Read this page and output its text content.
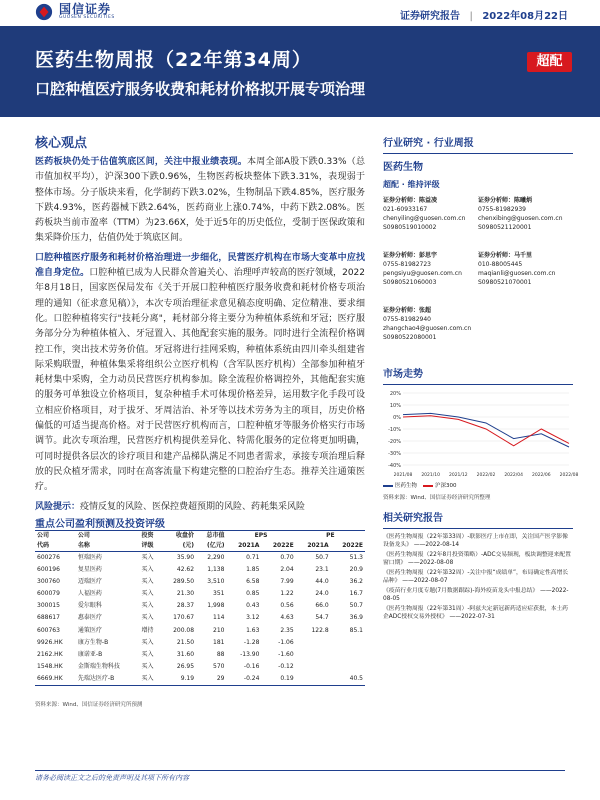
国信证券
GUOSEN SECURITIES	证券研究报告 | 2022年08月22日
医药生物周报（22年第34周）
口腔种植医疗服务收费和耗材价格拟开展专项治理
超配
核心观点
医药板块仍处于估值筑底区间，关注中报业绩表现。本周全部A股下跌0.33%（总市值加权平均），沪深300下跌0.96%，生物医药板块整体下跌3.31%，表现弱于整体市场。分子版块来看，化学制药下跌3.02%，生物制品下跌4.85%，医疗服务下跌4.93%，医药器械下跌2.64%，医药商业上涨0.74%，中药下跌2.08%。医药板块当前市盈率（TTM）为23.66X，处于近5年的历史低位，受制于医保政策和集采降价压力，估值仍处于筑底区间。
口腔种植医疗服务和耗材价格治理进一步细化，民营医疗机构在市场大变革中应找准自身定位。口腔种植已成为人民群众普遍关心、治理呼声较高的医疗领域，2022年8月18日，国家医保局发布《关于开展口腔种植医疗服务收费和耗材价格专项治理的通知（征求意见稿）》，本次专项治理征求意见稿态度明确、定位精准、要求细化。口腔种植将实行"技耗分离"，耗材部分将主要分为种植体系统和牙冠；医疗服务部分分为种植体植入、牙冠置入、其他配套实施的服务。同时进行全流程价格调控工作，突出技术劳务价值。牙冠将进行挂网采购，种植体系统由四川牵头组建省际采购联盟，种植体集采将组织公立医疗机构（含军队医疗机构）全部参加种植牙耗材集中采购，全力动员民营医疗机构参加。除全流程价格调控外，其他配套实施的服务可单独设立价格项目，复杂种植手术可体现价格差异，运用数字化手段可设立相应价格项目，对于拔牙、牙周洁治、补牙等以技术劳务为主的项目，历史价格偏低的可适当提高价格。对于民营医疗机构而言，口腔种植牙等服务价格实行市场调节。此次专项治理，民营医疗机构提供差异化、特需化服务的定位将更加明确，可同时提供各层次的诊疗项目和建产品梯队满足不同患者需求，承接专项治理后释放的民众植牙需求，同时在高客流量下构建完整的口腔治疗生态。推荐关注通策医疗。
风险提示：疫情反复的风险、医保控费超预期的风险、药耗集采风险
重点公司盈利预测及投资评级
公司	公司	投资	收盘价	总市值	EPS		PE	
代码	名称	评级	(元)	(亿元)	2021A	2022E	2021A	2022E
600276	恒瑞医药	买入	35.90	2,290	0.71	0.70	50.7	51.3
600196	复星医药	买入	42.62	1,138	1.85	2.04	23.1	20.9
300760	迈瑞医疗	买入	289.50	3,510	6.58	7.99	44.0	36.2
600079	人福医药	买入	21.30	351	0.85	1.22	24.0	16.7
300015	爱尔眼科	买入	28.37	1,998	0.43	0.56	66.0	50.7
688617	惠泰医疗	买入	170.67	114	3.12	4.63	54.7	36.9
600763	通策医疗	增持	200.08	210	1.63	2.35	122.8	85.1
9926.HK	康方生物-B	买入	21.50	181	-1.28	-1.06		
2162.HK	康诺亚-B	买入	31.60	88	-13.90	-1.60		
1548.HK	金斯瑞生物科技	买入	26.95	570	-0.16	-0.12		
6669.HK	先瑞达医疗-B	买入	9.19	29	-0.24	0.19		40.5
资料来源：Wind、国信证券经济研究所预测
行业研究 · 行业周报
医药生物
超配 · 维持评级
证券分析师：陈益凌
021-60933167
chenyiling@guosen.com.cn
S0980519010002
证券分析师：陈曦炳
0755-81982939
chenxibing@guosen.com.cn
S0980521120001
证券分析师：彭思宇
0755-81982723
pengsiyu@guosen.com.cn
S0980521060003
证券分析师：马千里
010-88005445
maqianli@guosen.com.cn
S0980521070001
证券分析师：张超
0755-81982940
zhangchao4@guosen.com.cn
S0980522080001
市场走势
-40%
-30%
-20%
-10%
0%
10%
20%
2021/08 2021/10 2021/12 2022/02 2022/04 2022/06 2022/08
医药生物	沪深300
资料来源：Wind、国信证券经济研究所整理
相关研究报告
《医药生物周报（22年第33周）-联影医疗上市在即，关注国产医学影像设备龙头》 ——2022-08-14
《医药生物周报（22年8月投资策略）-ADC交易频现，板块调整迎来配置窗口期》 ——2022-08-08
《医药生物周报（22年第32周）-关注中报“成绩单”，布局确定性高增长品种》 ——2022-08-07
《疫苗行业月度专题(7月数据跟踪)-海外疫苗龙头中报总结》 ——2022-08-05
《医药生物周报（22年第31周）-阿兹夫定新冠新药适应症获批，本土药企ADC授权交易外授权》 ——2022-07-31
请务必阅读正文之后的免责声明及其项下所有内容
